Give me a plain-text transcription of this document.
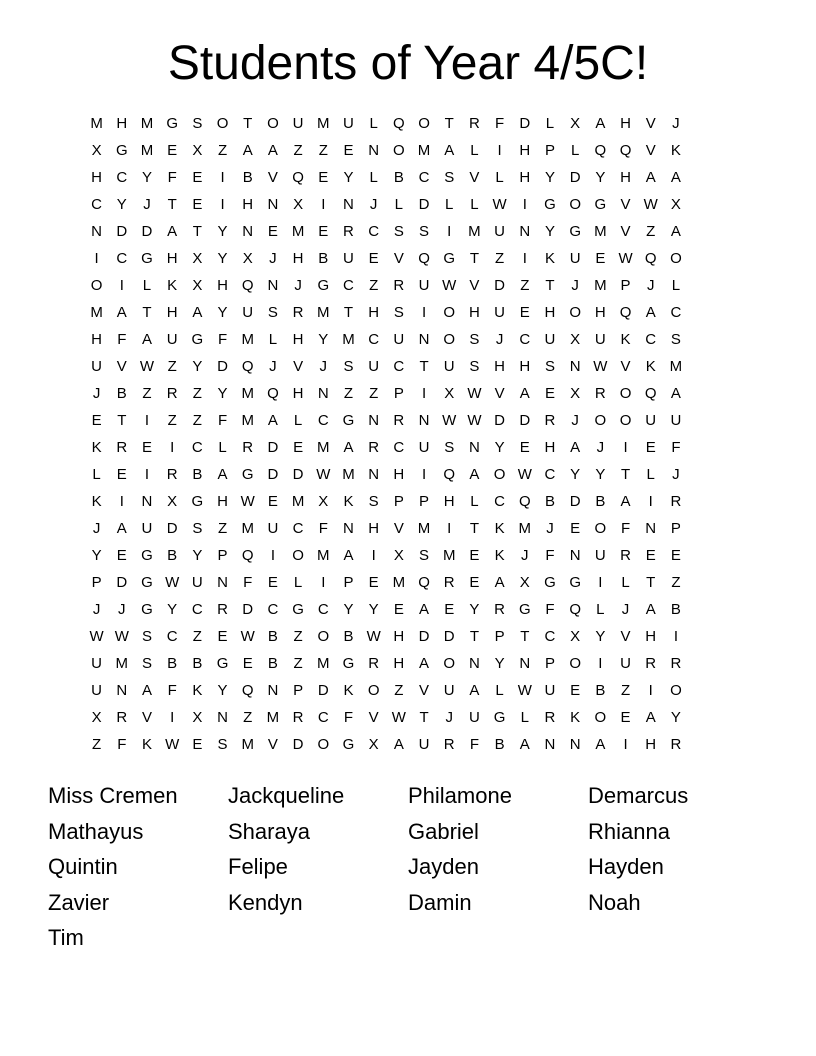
Students of Year 4/5C!
M H M G S O T O U M U	L	Q O T	R	F	D	L	X	A H V	J
X G M E	X	Z	A	A	Z	Z	E N O M A	L	I	H P	L	Q Q V	K
H C Y	F	E	I	B	V Q E	Y	L	B C S	V	L	H Y D Y H A	A
C Y	J	T	E	I	H N X	I	N	J	L	D	L	L W	I	G O G V W X
N D D A	T	Y N E M E R C S	S	I	M U N Y G M V	Z	A
I	C G H X	Y	X	J	H B U E	V Q G T	Z	I	K U E W Q O
O	I	L	K	X H Q N	J	G C	Z	R U W V D	Z	T	J	M P	J	L
M A	T	H A	Y U S R M T	H S	I	O H U E H O H Q A C
H	F	A U G F M L	H Y M C U N O S	J	C U X U K C S
U V W Z	Y D Q	J	V	J	S U C	T	U S H H S N W V	K M
J	B	Z	R	Z	Y M Q H N	Z	Z	P	I	X W V	A	E	X R O Q A
E	T	I	Z	Z	F M A	L	C G N R N W W D D R	J	O O U U
K R E	I	C	L	R D E M A R C U S N Y	E H A	J	I	E	F
L	E	I	R B	A G D D W M N H	I	Q A O W C Y	Y	T	L	J
K	I	N X G H W E M X	K	S	P	P H	L	C Q B D B	A	I	R
J	A U D S	Z M U C	F	N H V M	I	T	K M	J	E O F	N P
Y	E G B	Y	P Q	I	O M A	I	X	S M E	K	J	F	N U R E	E
P D G W U N	F	E	L	I	P	E M Q R E	A	X G G	I	L	T	Z
J	J	G Y C R D C G C Y	Y	E	A	E	Y R G F Q	L	J	A	B
W W S C	Z	E W B	Z O B W H D D	T	P	T	C X	Y	V H	I
U M S	B	B G E	B	Z M G R H A O N Y N P O	I	U R R
U N A	F	K	Y Q N P D K O Z	V U A	L W U E	B	Z	I	O
X R V	I	X N	Z M R C	F	V W T	J	U G	L	R K O E	A	Y
Z	F	K W E	S M V D O G X	A U R	F	B	A N N A	I	H R
Miss Cremen	Jackqueline	Philamone	Demarcus
Mathayus	Sharaya	Gabriel	Rhianna
Quintin	Felipe	Jayden	Hayden
Zavier	Kendyn	Damin	Noah
Tim
